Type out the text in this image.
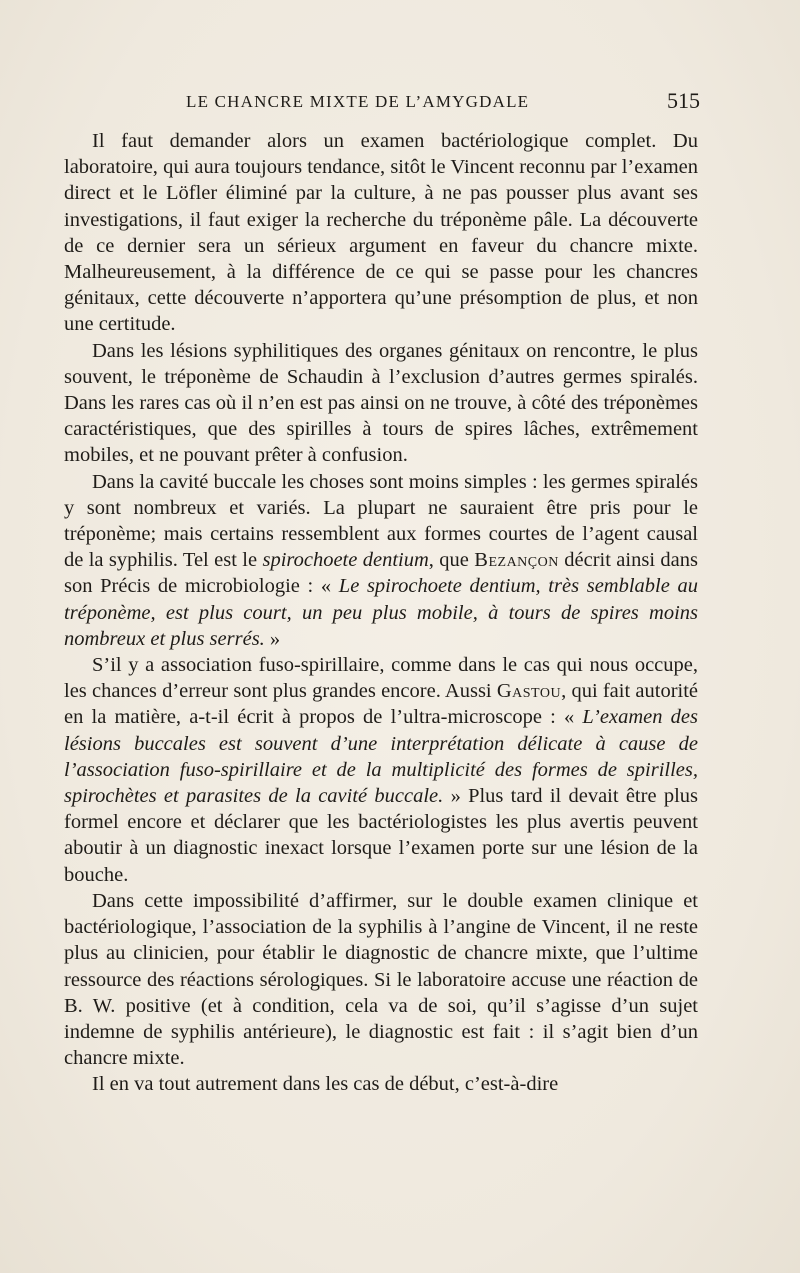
LE CHANCRE MIXTE DE L’AMYGDALE	515

Il faut demander alors un examen bactériologique complet. Du laboratoire, qui aura toujours tendance, sitôt le Vincent reconnu par l’examen direct et le Löfler éliminé par la culture, à ne pas pousser plus avant ses investigations, il faut exiger la recherche du tréponème pâle. La découverte de ce dernier sera un sérieux argument en faveur du chancre mixte. Malheureusement, à la différence de ce qui se passe pour les chancres génitaux, cette découverte n’apportera qu’une présomption de plus, et non une certitude.

Dans les lésions syphilitiques des organes génitaux on rencontre, le plus souvent, le tréponème de Schaudin à l’exclusion d’autres germes spiralés. Dans les rares cas où il n’en est pas ainsi on ne trouve, à côté des tréponèmes caractéristiques, que des spirilles à tours de spires lâches, extrêmement mobiles, et ne pouvant prêter à confusion.

Dans la cavité buccale les choses sont moins simples : les germes spiralés y sont nombreux et variés. La plupart ne sauraient être pris pour le tréponème; mais certains ressemblent aux formes courtes de l’agent causal de la syphilis. Tel est le spirochoete dentium, que Bezançon décrit ainsi dans son Précis de microbiologie : « Le spirochoete dentium, très semblable au tréponème, est plus court, un peu plus mobile, à tours de spires moins nombreux et plus serrés. »

S’il y a association fuso-spirillaire, comme dans le cas qui nous occupe, les chances d’erreur sont plus grandes encore. Aussi Gastou, qui fait autorité en la matière, a-t-il écrit à propos de l’ultra-microscope : « L’examen des lésions buccales est souvent d’une interprétation délicate à cause de l’association fuso-spirillaire et de la multiplicité des formes de spirilles, spirochètes et parasites de la cavité buccale. » Plus tard il devait être plus formel encore et déclarer que les bactériologistes les plus avertis peuvent aboutir à un diagnostic inexact lorsque l’examen porte sur une lésion de la bouche.

Dans cette impossibilité d’affirmer, sur le double examen clinique et bactériologique, l’association de la syphilis à l’angine de Vincent, il ne reste plus au clinicien, pour établir le diagnostic de chancre mixte, que l’ultime ressource des réactions sérologiques. Si le laboratoire accuse une réaction de B. W. positive (et à condition, cela va de soi, qu’il s’agisse d’un sujet indemne de syphilis antérieure), le diagnostic est fait : il s’agit bien d’un chancre mixte.

Il en va tout autrement dans les cas de début, c’est-à-dire
